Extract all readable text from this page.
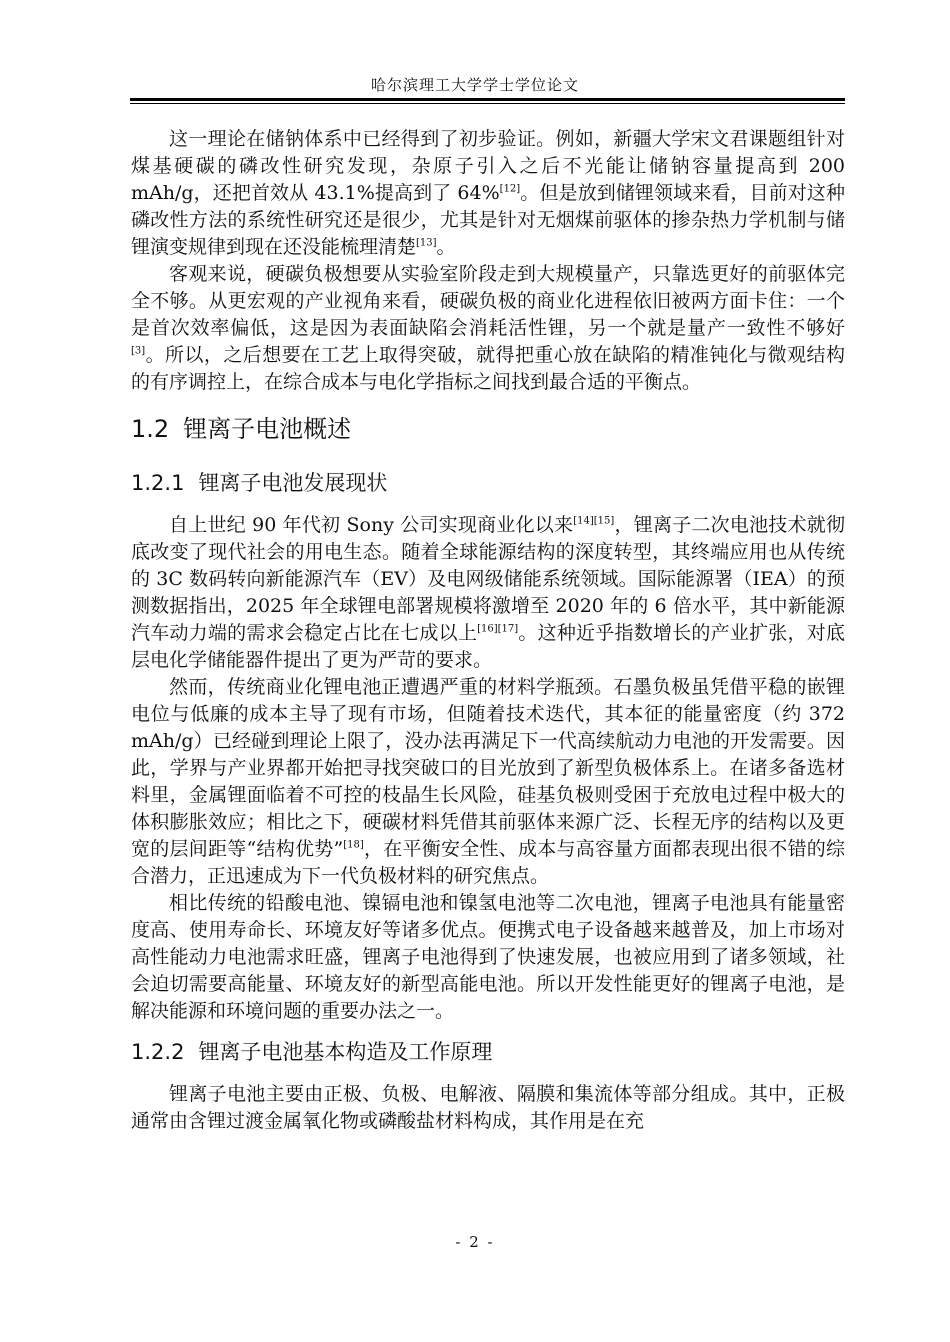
哈尔滨理工大学学士学位论文

这一理论在储钠体系中已经得到了初步验证。例如，新疆大学宋文君课题组针对煤基硬碳的磷改性研究发现，杂原子引入之后不光能让储钠容量提高到 200 mAh/g，还把首效从 43.1%提高到了 64%[12]。但是放到储锂领域来看，目前对这种磷改性方法的系统性研究还是很少，尤其是针对无烟煤前驱体的掺杂热力学机制与储锂演变规律到现在还没能梳理清楚[13]。

客观来说，硬碳负极想要从实验室阶段走到大规模量产，只靠选更好的前驱体完全不够。从更宏观的产业视角来看，硬碳负极的商业化进程依旧被两方面卡住：一个是首次效率偏低，这是因为表面缺陷会消耗活性锂，另一个就是量产一致性不够好[3]。所以，之后想要在工艺上取得突破，就得把重心放在缺陷的精准钝化与微观结构的有序调控上，在综合成本与电化学指标之间找到最合适的平衡点。

1.2 锂离子电池概述
1.2.1 锂离子电池发展现状

自上世纪 90 年代初 Sony 公司实现商业化以来[14][15]，锂离子二次电池技术就彻底改变了现代社会的用电生态。随着全球能源结构的深度转型，其终端应用也从传统的 3C 数码转向新能源汽车（EV）及电网级储能系统领域。国际能源署（IEA）的预测数据指出，2025 年全球锂电部署规模将激增至 2020 年的 6 倍水平，其中新能源汽车动力端的需求会稳定占比在七成以上[16][17]。这种近乎指数增长的产业扩张，对底层电化学储能器件提出了更为严苛的要求。

然而，传统商业化锂电池正遭遇严重的材料学瓶颈。石墨负极虽凭借平稳的嵌锂电位与低廉的成本主导了现有市场，但随着技术迭代，其本征的能量密度（约 372 mAh/g）已经碰到理论上限了，没办法再满足下一代高续航动力电池的开发需要。因此，学界与产业界都开始把寻找突破口的目光放到了新型负极体系上。在诸多备选材料里，金属锂面临着不可控的枝晶生长风险，硅基负极则受困于充放电过程中极大的体积膨胀效应；相比之下，硬碳材料凭借其前驱体来源广泛、长程无序的结构以及更宽的层间距等“结构优势”[18]，在平衡安全性、成本与高容量方面都表现出很不错的综合潜力，正迅速成为下一代负极材料的研究焦点。

相比传统的铅酸电池、镍镉电池和镍氢电池等二次电池，锂离子电池具有能量密度高、使用寿命长、环境友好等诸多优点。便携式电子设备越来越普及，加上市场对高性能动力电池需求旺盛，锂离子电池得到了快速发展，也被应用到了诸多领域，社会迫切需要高能量、环境友好的新型高能电池。所以开发性能更好的锂离子电池，是解决能源和环境问题的重要办法之一。

1.2.2 锂离子电池基本构造及工作原理

锂离子电池主要由正极、负极、电解液、隔膜和集流体等部分组成。其中，正极通常由含锂过渡金属氧化物或磷酸盐材料构成，其作用是在充

- 2 -
